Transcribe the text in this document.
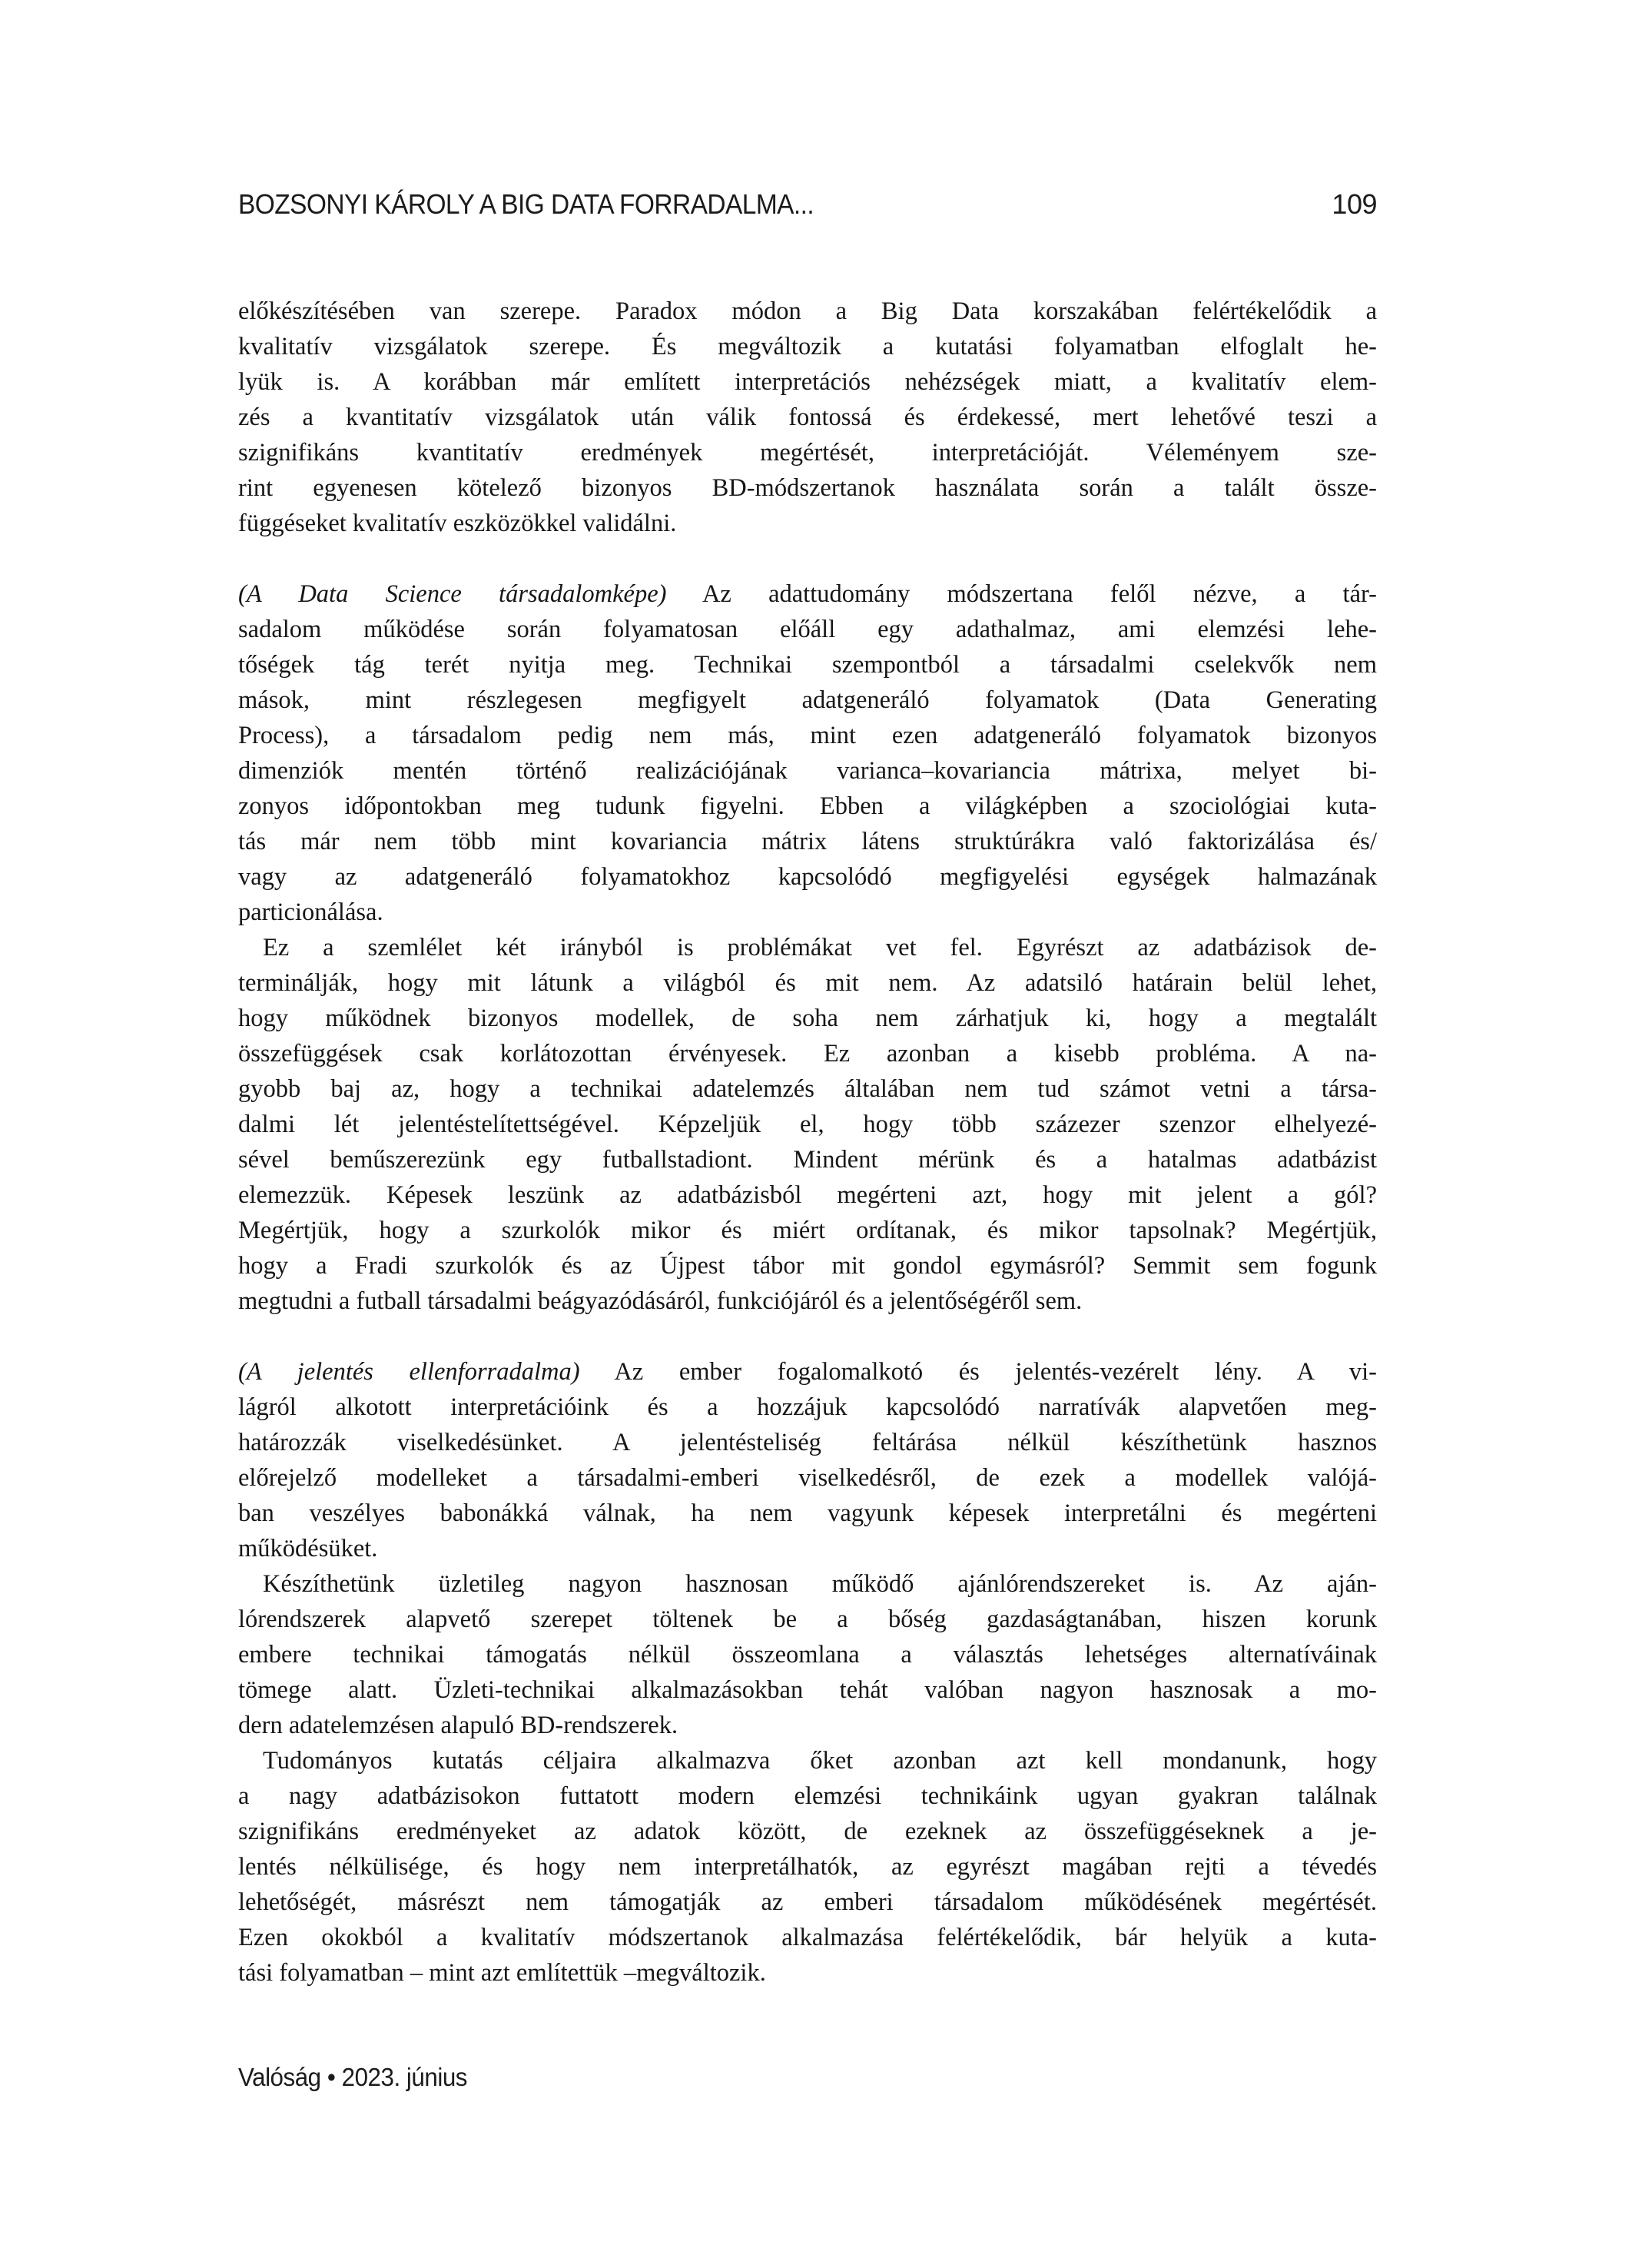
BOZSONYI KÁROLY A BIG DATA FORRADALMA...	109
előkészítésében van szerepe. Paradox módon a Big Data korszakában felértékelődik a
kvalitatív vizsgálatok szerepe. És megváltozik a kutatási folyamatban elfoglalt he-
lyük is. A korábban már említett interpretációs nehézségek miatt, a kvalitatív elem-
zés a kvantitatív vizsgálatok után válik fontossá és érdekessé, mert lehetővé teszi a
szignifikáns kvantitatív eredmények megértését, interpretációját. Véleményem sze-
rint egyenesen kötelező bizonyos BD-módszertanok használata során a talált össze-
függéseket kvalitatív eszközökkel validálni.
(A Data Science társadalomképe) Az adattudomány módszertana felől nézve, a tár-
sadalom működése során folyamatosan előáll egy adathalmaz, ami elemzési lehe-
tőségek tág terét nyitja meg. Technikai szempontból a társadalmi cselekvők nem
mások, mint részlegesen megfigyelt adatgeneráló folyamatok (Data Generating
Process), a társadalom pedig nem más, mint ezen adatgeneráló folyamatok bizonyos
dimenziók mentén történő realizációjának varianca–kovariancia mátrixa, melyet bi-
zonyos időpontokban meg tudunk figyelni. Ebben a világképben a szociológiai kuta-
tás már nem több mint kovariancia mátrix látens struktúrákra való faktorizálása és/
vagy az adatgeneráló folyamatokhoz kapcsolódó megfigyelési egységek halmazának
particionálása.
Ez a szemlélet két irányból is problémákat vet fel. Egyrészt az adatbázisok de-
terminálják, hogy mit látunk a világból és mit nem. Az adatsiló határain belül lehet,
hogy működnek bizonyos modellek, de soha nem zárhatjuk ki, hogy a megtalált
összefüggések csak korlátozottan érvényesek. Ez azonban a kisebb probléma. A na-
gyobb baj az, hogy a technikai adatelemzés általában nem tud számot vetni a társa-
dalmi lét jelentéstelítettségével. Képzeljük el, hogy több százezer szenzor elhelyezé-
sével beműszerezünk egy futballstadiont. Mindent mérünk és a hatalmas adatbázist
elemezzük. Képesek leszünk az adatbázisból megérteni azt, hogy mit jelent a gól?
Megértjük, hogy a szurkolók mikor és miért ordítanak, és mikor tapsolnak? Megértjük,
hogy a Fradi szurkolók és az Újpest tábor mit gondol egymásról? Semmit sem fogunk
megtudni a futball társadalmi beágyazódásáról, funkciójáról és a jelentőségéről sem.
(A jelentés ellenforradalma) Az ember fogalomalkotó és jelentés-vezérelt lény. A vi-
lágról alkotott interpretációink és a hozzájuk kapcsolódó narratívák alapvetően meg-
határozzák viselkedésünket. A jelentésteliség feltárása nélkül készíthetünk hasznos
előrejelző modelleket a társadalmi-emberi viselkedésről, de ezek a modellek valójá-
ban veszélyes babonákká válnak, ha nem vagyunk képesek interpretálni és megérteni
működésüket.
Készíthetünk üzletileg nagyon hasznosan működő ajánlórendszereket is. Az aján-
lórendszerek alapvető szerepet töltenek be a bőség gazdaságtanában, hiszen korunk
embere technikai támogatás nélkül összeomlana a választás lehetséges alternatíváinak
tömege alatt. Üzleti-technikai alkalmazásokban tehát valóban nagyon hasznosak a mo-
dern adatelemzésen alapuló BD-rendszerek.
Tudományos kutatás céljaira alkalmazva őket azonban azt kell mondanunk, hogy
a nagy adatbázisokon futtatott modern elemzési technikáink ugyan gyakran találnak
szignifikáns eredményeket az adatok között, de ezeknek az összefüggéseknek a je-
lentés nélkülisége, és hogy nem interpretálhatók, az egyrészt magában rejti a tévedés
lehetőségét, másrészt nem támogatják az emberi társadalom működésének megértését.
Ezen okokból a kvalitatív módszertanok alkalmazása felértékelődik, bár helyük a kuta-
tási folyamatban – mint azt említettük –megváltozik.
Valóság • 2023. június
